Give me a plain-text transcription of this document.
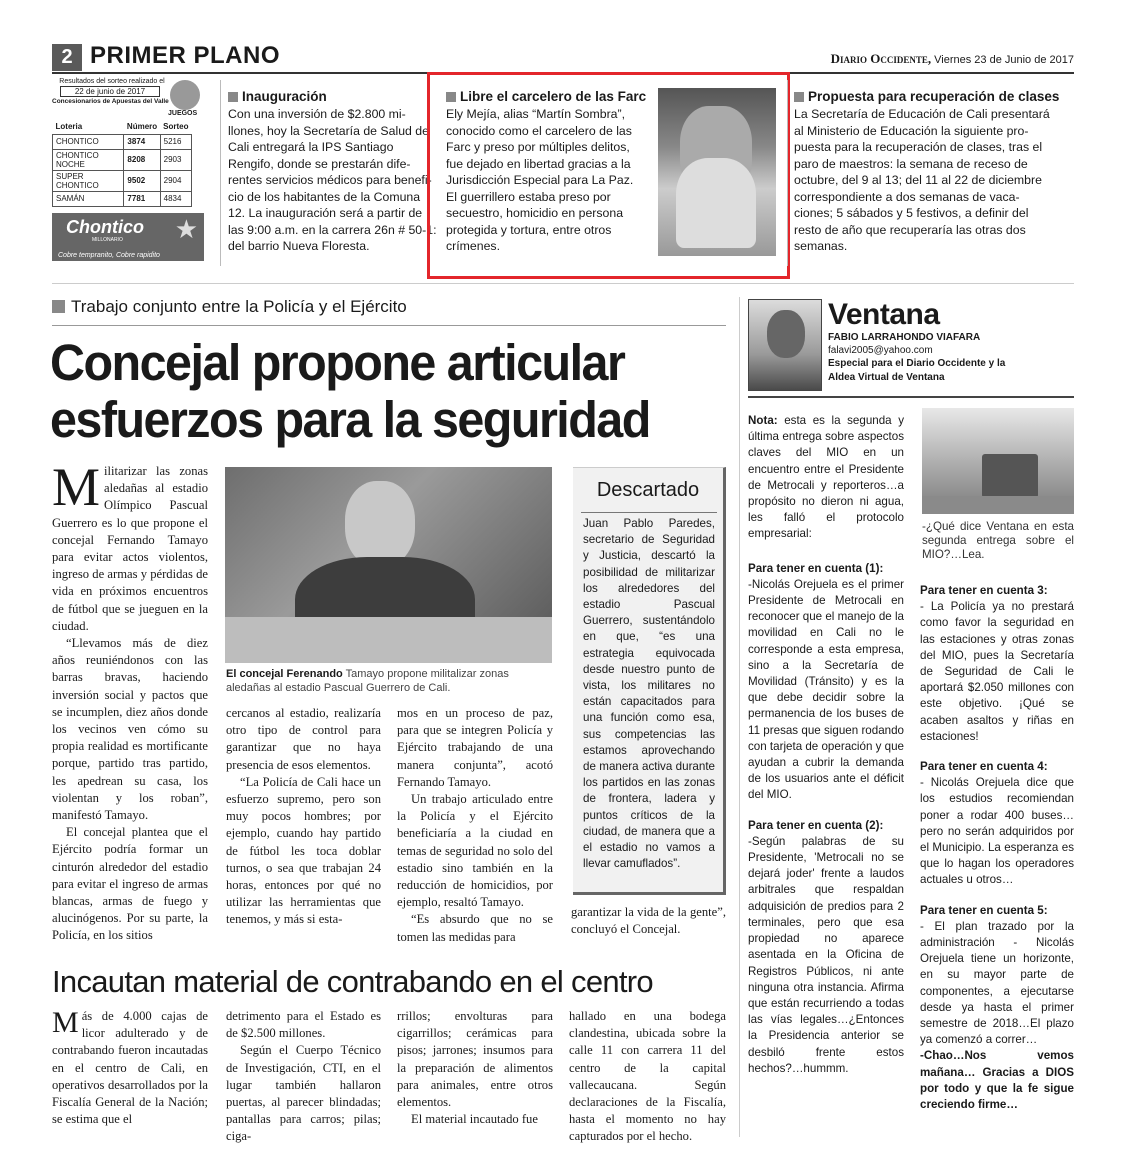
2 PRIMER PLANO	Diario Occidente, Viernes 23 de Junio de 2017
Resultados del sorteo realizado el
22 de junio de 2017
Concesionarios de Apuestas del Valle
JUEGOS
Loteria	Número	Sorteo
CHONTICO	3874	5216
CHONTICO NOCHE	8208	2903
SUPER CHONTICO	9502	2904
SAMÁN	7781	4834
Chontico
MILLONARIO ★
Cobre tempranito, Cobre rapidito
Inauguración
Con una inversión de $2.800 mi-
llones, hoy la Secretaría de Salud de
Cali entregará la IPS Santiago
Rengifo, donde se prestarán dife-
rentes servicios médicos para benefi-
cio de los habitantes de la Comuna
12. La inauguración será a partir de
las 9:00 a.m. en la carrera 26n # 50-1:
del barrio Nueva Floresta.
Libre el carcelero de las Farc
Ely Mejía, alias “Martín Sombra”,
conocido como el carcelero de las
Farc y preso por múltiples delitos,
fue dejado en libertad gracias a la
Jurisdicción Especial para La Paz.
El guerrillero estaba preso por
secuestro, homicidio en persona
protegida y tortura, entre otros
crímenes.
Propuesta para recuperación de clases
La Secretaría de Educación de Cali presentará
al Ministerio de Educación la siguiente pro-
puesta para la recuperación de clases, tras el
paro de maestros: la semana de receso de
octubre, del 9 al 13; del 11 al 22 de diciembre
correspondiente a dos semanas de vaca-
ciones; 5 sábados y 5 festivos, a definir del
resto de año que recuperaría las otras dos
semanas.
Trabajo conjunto entre la Policía y el Ejército
Concejal propone articular
esfuerzos para la seguridad

Militarizar las zonas aledañas al estadio Olímpico Pascual Guerrero es lo que propone el concejal Fernando Tamayo para evitar actos violentos, ingreso de armas y pérdidas de vida en próximos encuentros de fútbol que se jueguen en la ciudad.

“Llevamos más de diez años reuniéndonos con las barras bravas, haciendo inversión social y pactos que se incumplen, diez años donde los vecinos ven cómo su propia realidad es mortificante porque, partido tras partido, les apedrean su casa, los violentan y los roban”, manifestó Tamayo.

El concejal plantea que el Ejército podría formar un cinturón alrededor del estadio para evitar el ingreso de armas blancas, armas de fuego y alucinógenos. Por su parte, la Policía, en los sitios

El concejal Ferenando Tamayo propone militalizar zonas aledañas al estadio Pascual Guerrero de Cali.

cercanos al estadio, realizaría otro tipo de control para garantizar que no haya presencia de esos elementos.

“La Policía de Cali hace un esfuerzo supremo, pero son muy pocos hombres; por ejemplo, cuando hay partido de fútbol les toca doblar turnos, o sea que trabajan 24 horas, entonces por qué no utilizar las herramientas que tenemos, y más si esta-

mos en un proceso de paz, para que se integren Policía y Ejército trabajando de una manera conjunta”, acotó Fernando Tamayo.

Un trabajo articulado entre la Policía y el Ejército beneficiaría a la ciudad en temas de seguridad no solo del estadio sino también en la reducción de homicidios, por ejemplo, resaltó Tamayo.

“Es absurdo que no se tomen las medidas para

Descartado
Juan Pablo Paredes, secretario de Seguridad y Justicia, descartó la posibilidad de militarizar los alrededores del estadio Pascual Guerrero, sustentándolo en que, “es una estrategia equivocada desde nuestro punto de vista, los militares no están capacitados para una función como esa, sus competencias las estamos aprovechando de manera activa durante los partidos en las zonas de frontera, ladera y puntos críticos de la ciudad, de manera que a el estadio no vamos a llevar camuflados”.
garantizar la vida de la gente”, concluyó el Concejal.
Incautan material de contrabando en el centro

Más de 4.000 cajas de licor adulterado y de contrabando fueron incautadas en el centro de Cali, en operativos desarrollados por la Fiscalía General de la Nación; se estima que el

detrimento para el Estado es de $2.500 millones.

Según el Cuerpo Técnico de Investigación, CTI, en el lugar también hallaron puertas, al parecer blindadas; pantallas para carros; pilas; ciga-

rrillos; envolturas para cigarrillos; cerámicas para pisos; jarrones; insumos para la preparación de alimentos para animales, entre otros elementos.

El material incautado fue

hallado en una bodega clandestina, ubicada sobre la calle 11 con carrera 11 del centro de la capital vallecaucana. Según declaraciones de la Fiscalía, hasta el momento no hay capturados por el hecho.
Ventana
FABIO LARRAHONDO VIAFARA
falavi2005@yahoo.com
Especial para el Diario Occidente y la
Aldea Virtual de Ventana

Nota: esta es la segunda y última entrega sobre aspectos claves del MIO en un encuentro entre el Presidente de Metrocali y reporteros…a propósito no dieron ni agua, les falló el protocolo empresarial:

Para tener en cuenta (1):

-Nicolás Orejuela es el primer Presidente de Metrocali en reconocer que el manejo de la movilidad en Cali no le corresponde a esta empresa, sino a la Secretaría de Movilidad (Tránsito) y es la que debe decidir sobre la permanencia de los buses de 11 presas que siguen rodando con tarjeta de operación y que ayudan a cubrir la demanda de los usuarios ante el déficit del MIO.

Para tener en cuenta (2):

-Según palabras de su Presidente, 'Metrocali no se dejará joder' frente a laudos arbitrales que respaldan adquisición de predios para 2 terminales, pero que esa propiedad no aparece asentada en la Oficina de Registros Públicos, ni ante ninguna otra instancia. Afirma que están recurriendo a todas las vías legales…¿Entonces la Presidencia anterior se desbiló frente estos hechos?…hummm.

-¿Qué dice Ventana en esta segunda entrega sobre el MIO?…Lea.

Para tener en cuenta 3:

- La Policía ya no prestará como favor la seguridad en las estaciones y otras zonas del MIO, pues la Secretaría de Seguridad de Cali le aportará $2.050 millones con este objetivo. ¡Qué se acaben asaltos y riñas en estaciones!

Para tener en cuenta 4:

- Nicolás Orejuela dice que los estudios recomiendan poner a rodar 400 buses…pero no serán adquiridos por el Municipio. La esperanza es que lo hagan los operadores actuales u otros…

Para tener en cuenta 5:

- El plan trazado por la administración - Nicolás Orejuela tiene un horizonte, en su mayor parte de componentes, a ejecutarse desde ya hasta el primer semestre de 2018…El plazo ya comenzó a correr…

-Chao…Nos vemos mañana… Gracias a DIOS por todo y que la fe sigue creciendo firme…
